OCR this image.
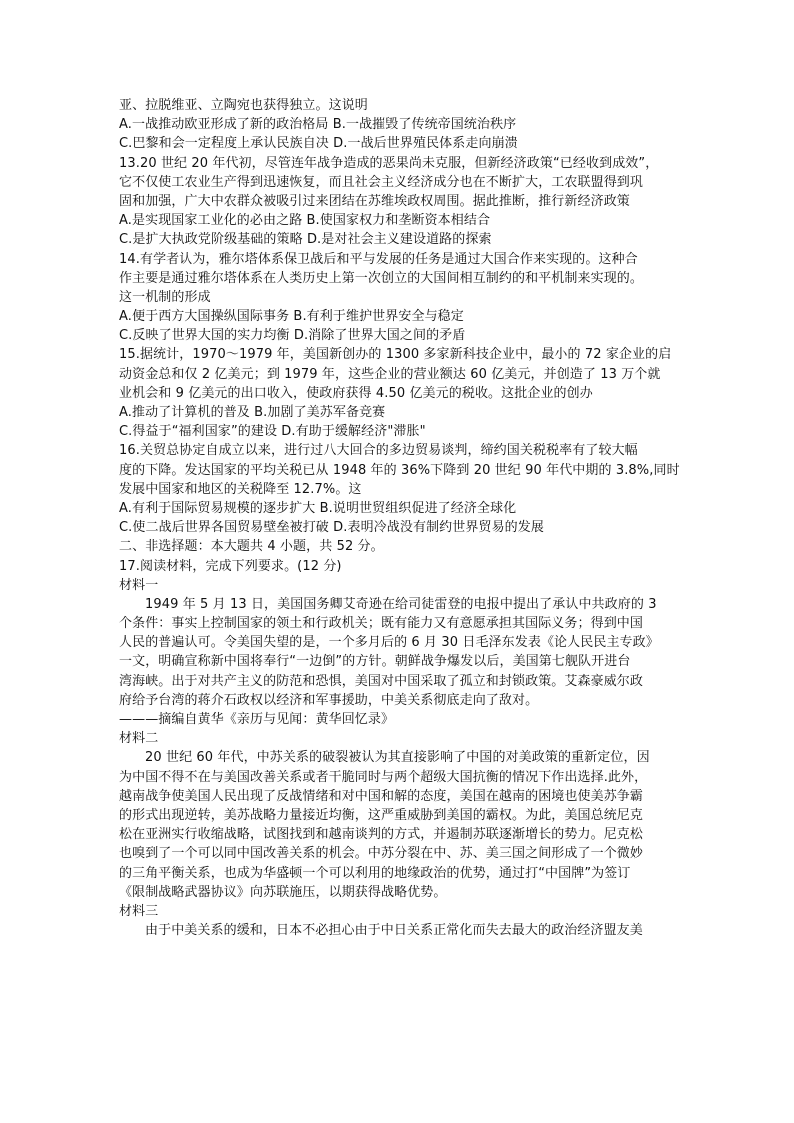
亚、拉脱维亚、立陶宛也获得独立。这说明
A.一战推动欧亚形成了新的政治格局 B.一战摧毁了传统帝国统治秩序
C.巴黎和会一定程度上承认民族自决 D.一战后世界殖民体系走向崩溃
13.20 世纪 20 年代初，尽管连年战争造成的恶果尚未克服，但新经济政策“已经收到成效”，
它不仅使工农业生产得到迅速恢复，而且社会主义经济成分也在不断扩大，工农联盟得到巩
固和加强，广大中农群众被吸引过来团结在苏维埃政权周围。据此推断，推行新经济政策
A.是实现国家工业化的必由之路 B.使国家权力和垄断资本相结合
C.是扩大执政党阶级基础的策略 D.是对社会主义建设道路的探索
14.有学者认为，雅尔塔体系保卫战后和平与发展的任务是通过大国合作来实现的。这种合
作主要是通过雅尔塔体系在人类历史上第一次创立的大国间相互制约的和平机制来实现的。
这一机制的形成
A.便于西方大国操纵国际事务 B.有利于维护世界安全与稳定
C.反映了世界大国的实力均衡 D.消除了世界大国之间的矛盾
15.据统计，1970～1979 年，美国新创办的 1300 多家新科技企业中，最小的 72 家企业的启
动资金总和仅 2 亿美元；到 1979 年，这些企业的营业额达 60 亿美元，并创造了 13 万个就
业机会和 9 亿美元的出口收入，使政府获得 4.50 亿美元的税收。这批企业的创办
A.推动了计算机的普及 B.加剧了美苏军备竞赛
C.得益于“福利国家”的建设 D.有助于缓解经济"滞胀"
16.关贸总协定自成立以来，进行过八大回合的多边贸易谈判，缔约国关税税率有了较大幅
度的下降。发达国家的平均关税已从 1948 年的 36%下降到 20 世纪 90 年代中期的 3.8%,同时
发展中国家和地区的关税降至 12.7%。这
A.有利于国际贸易规模的逐步扩大 B.说明世贸组织促进了经济全球化
C.使二战后世界各国贸易壁垒被打破 D.表明冷战没有制约世界贸易的发展
二、非选择题：本大题共 4 小题，共 52 分。
17.阅读材料，完成下列要求。(12 分)
材料一
1949 年 5 月 13 日，美国国务卿艾奇逊在给司徒雷登的电报中提出了承认中共政府的 3
个条件：事实上控制国家的领土和行政机关；既有能力又有意愿承担其国际义务；得到中国
人民的普遍认可。令美国失望的是，一个多月后的 6 月 30 日毛泽东发表《论人民民主专政》
一文，明确宣称新中国将奉行“一边倒”的方针。朝鲜战争爆发以后，美国第七舰队开进台
湾海峡。出于对共产主义的防范和恐惧，美国对中国采取了孤立和封锁政策。艾森豪威尔政
府给予台湾的蒋介石政权以经济和军事援助，中美关系彻底走向了敌对。
———摘编自黄华《亲历与见闻：黄华回忆录》
材料二
20 世纪 60 年代，中苏关系的破裂被认为其直接影响了中国的对美政策的重新定位，因
为中国不得不在与美国改善关系或者干脆同时与两个超级大国抗衡的情况下作出选择.此外，
越南战争使美国人民出现了反战情绪和对中国和解的态度，美国在越南的困境也使美苏争霸
的形式出现逆转，美苏战略力量接近均衡，这严重威胁到美国的霸权。为此，美国总统尼克
松在亚洲实行收缩战略，试图找到和越南谈判的方式，并遏制苏联逐渐增长的势力。尼克松
也嗅到了一个可以同中国改善关系的机会。中苏分裂在中、苏、美三国之间形成了一个微妙
的三角平衡关系，也成为华盛顿一个可以利用的地缘政治的优势，通过打“中国牌”为签订
《限制战略武器协议》向苏联施压，以期获得战略优势。
材料三
由于中美关系的缓和，日本不必担心由于中日关系正常化而失去最大的政治经济盟友美
